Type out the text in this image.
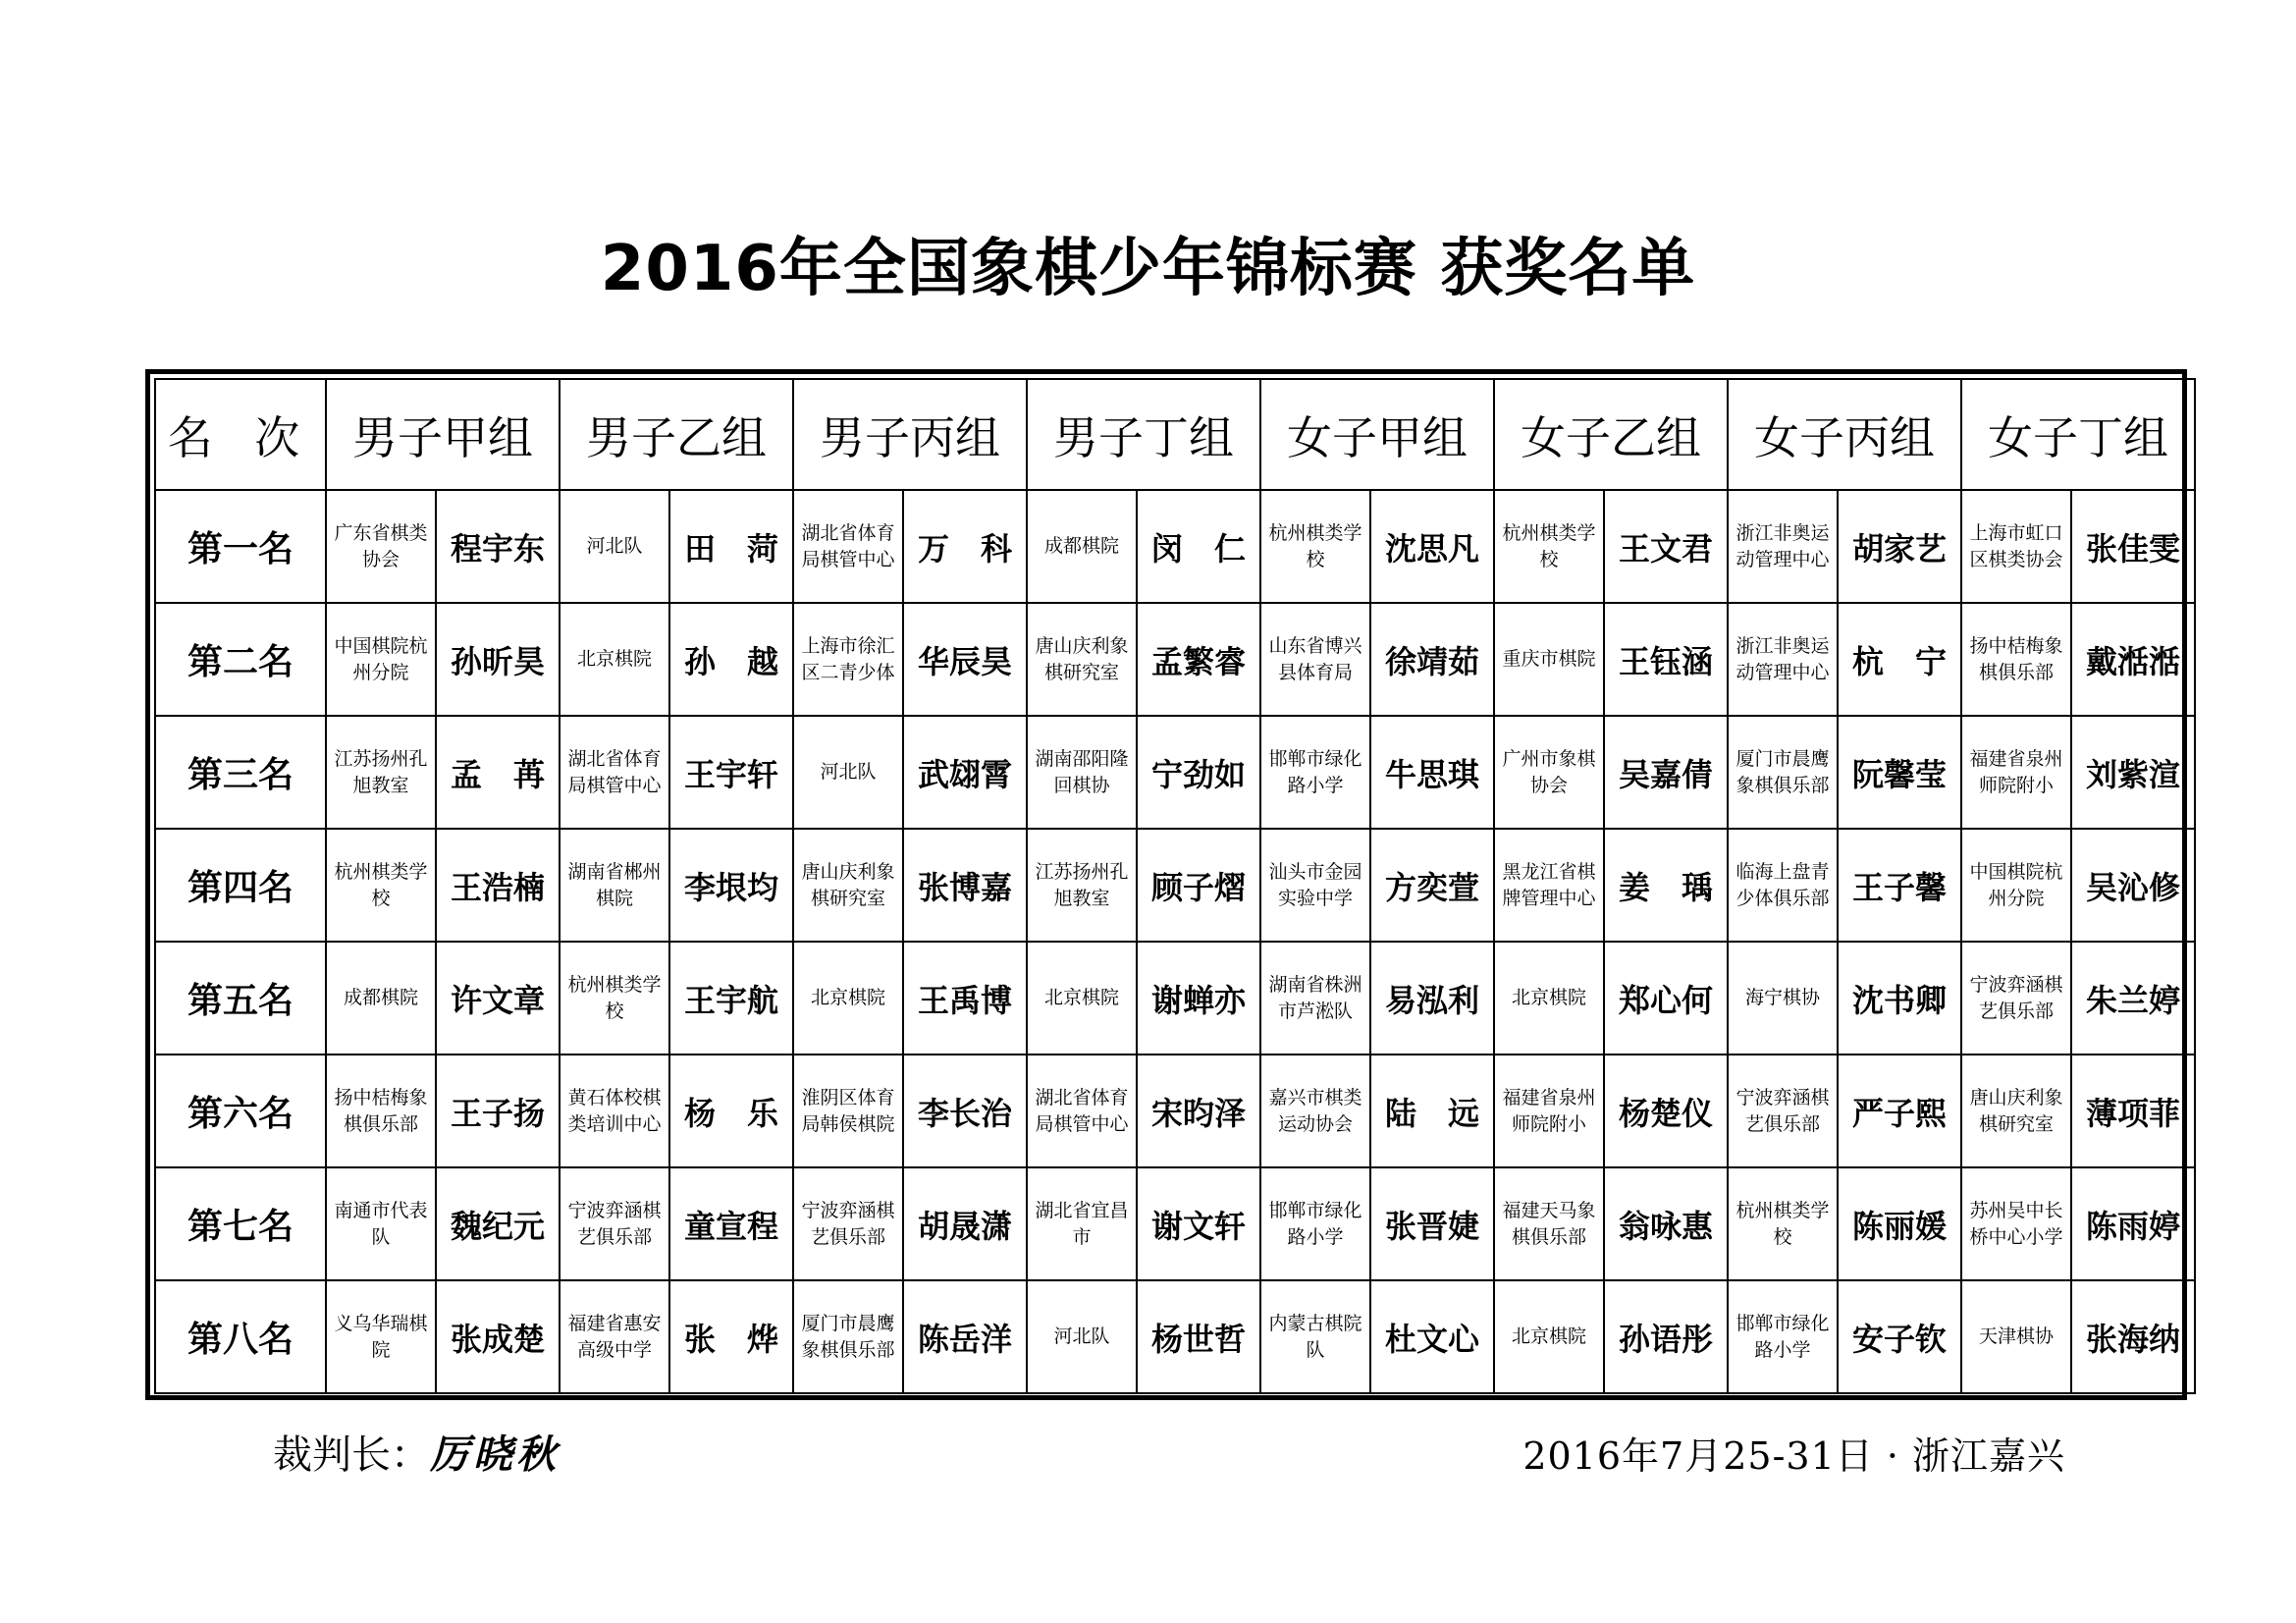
2016年全国象棋少年锦标赛 获奖名单
名 次	男子甲组		男子乙组		男子丙组		男子丁组		女子甲组		女子乙组		女子丙组		女子丁组	
第一名	广东省棋类协会	程宇东	河北队	田　菏	湖北省体育局棋管中心	万　科	成都棋院	闵　仁	杭州棋类学校	沈思凡	杭州棋类学校	王文君	浙江非奥运动管理中心	胡家艺	上海市虹口区棋类协会	张佳雯
第二名	中国棋院杭州分院	孙昕昊	北京棋院	孙　越	上海市徐汇区二青少体	华辰昊	唐山庆利象棋研究室	孟繁睿	山东省博兴县体育局	徐靖茹	重庆市棋院	王钰涵	浙江非奥运动管理中心	杭　宁	扬中桔梅象棋俱乐部	戴湉湉
第三名	江苏扬州孔旭教室	孟　苒	湖北省体育局棋管中心	王宇轩	河北队	武翃霄	湖南邵阳隆回棋协	宁劲如	邯郸市绿化路小学	牛思琪	广州市象棋协会	吴嘉倩	厦门市晨鹰象棋俱乐部	阮馨莹	福建省泉州师院附小	刘紫渲
第四名	杭州棋类学校	王浩楠	湖南省郴州棋院	李垠均	唐山庆利象棋研究室	张博嘉	江苏扬州孔旭教室	顾子熠	汕头市金园实验中学	方奕萱	黑龙江省棋牌管理中心	姜　瑀	临海上盘青少体俱乐部	王子馨	中国棋院杭州分院	吴沁修
第五名	成都棋院	许文章	杭州棋类学校	王宇航	北京棋院	王禹博	北京棋院	谢蝉亦	湖南省株洲市芦淞队	易泓利	北京棋院	郑心何	海宁棋协	沈书卿	宁波弈涵棋艺俱乐部	朱兰婷
第六名	扬中桔梅象棋俱乐部	王子扬	黄石体校棋类培训中心	杨　乐	淮阴区体育局韩侯棋院	李长治	湖北省体育局棋管中心	宋昀泽	嘉兴市棋类运动协会	陆　远	福建省泉州师院附小	杨楚仪	宁波弈涵棋艺俱乐部	严子熙	唐山庆利象棋研究室	薄项菲
第七名	南通市代表队	魏纪元	宁波弈涵棋艺俱乐部	童宣程	宁波弈涵棋艺俱乐部	胡晟潇	湖北省宜昌市	谢文轩	邯郸市绿化路小学	张晋婕	福建天马象棋俱乐部	翁咏惠	杭州棋类学校	陈丽媛	苏州吴中长桥中心小学	陈雨婷
第八名	义乌华瑞棋院	张成楚	福建省惠安高级中学	张　烨	厦门市晨鹰象棋俱乐部	陈岳洋	河北队	杨世哲	内蒙古棋院队	杜文心	北京棋院	孙语彤	邯郸市绿化路小学	安子钦	天津棋协	张海纳
裁判长：厉晓秋	2016年7月25-31日 · 浙江嘉兴
